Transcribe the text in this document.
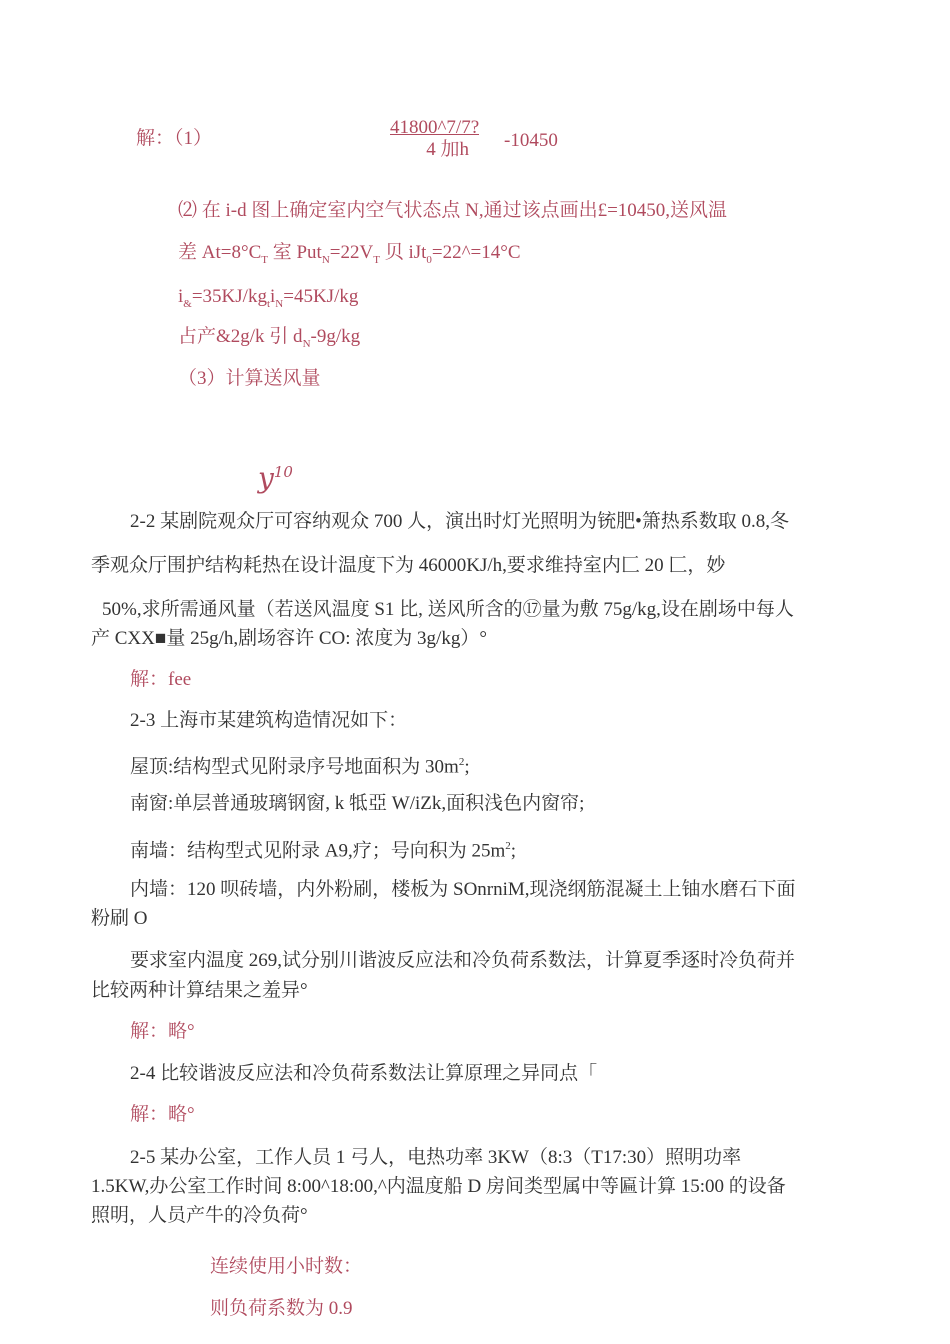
解：（1）
41800^7/7?
4 加h	-10450
⑵ 在 i-d 图上确定室内空气状态点 N,通过该点画出£=10450,送风温
差 $At=8^\circ C_T$ 室 $Put_N=22V_T$ 贝 iJt$_0$=22^=14°C
$i_{\&}=35KJ/kg_ti_N=45KJ/kg$
占产&2g/k 引 $d_N-9g/kg$
（3）计算送风量
$y^{10}$
2-2 某剧院观众厅可容纳观众 700 人，演出时灯光照明为铳肥•箫热系数取 0.8,冬
季观众厅围护结构耗热在设计温度下为 46000KJ/h,要求维持室内匚 20 匚，妙
50%,求所需通风量（若送风温度 S1 比, 送风所含的⑰量为敷 75g/kg,设在剧场中每人
产 CXX■量 25g/h,剧场容许 CO: 浓度为 3g/kg）°
解：fee
2-3 上海市某建筑构造情况如下：
屋顶:结构型式见附录序号地面积为 $30m^2$;
南窗:单层普通玻璃钢窗, k 牴亞 W/iZk,面积浅色内窗帘;
南墙：结构型式见附录 A9,疗；号向积为 $25m^2$;
内墙：120 呗砖墙，内外粉刷，楼板为 SOnrniM,现浇纲筋混凝土上铀水磨石下面
粉刷 O
要求室内温度 269,试分别川谐波反应法和冷负荷系数法，计算夏季逐时冷负荷并
比较两种计算结果之羞异°
解：略°
2-4 比较谐波反应法和冷负荷系数法让算原理之异同点「
解：略°
2-5 某办公室，工作人员 1 弓人，电热功率 3KW（8:3（T17:30）照明功率
1.5KW,办公室工作时间 8:00^18:00,^内温度船 D 房间类型属中等匾计算 15:00 的设备
照明，人员产牛的冷负荷°
连续使用小时数：
则负荷系数为 0.9
